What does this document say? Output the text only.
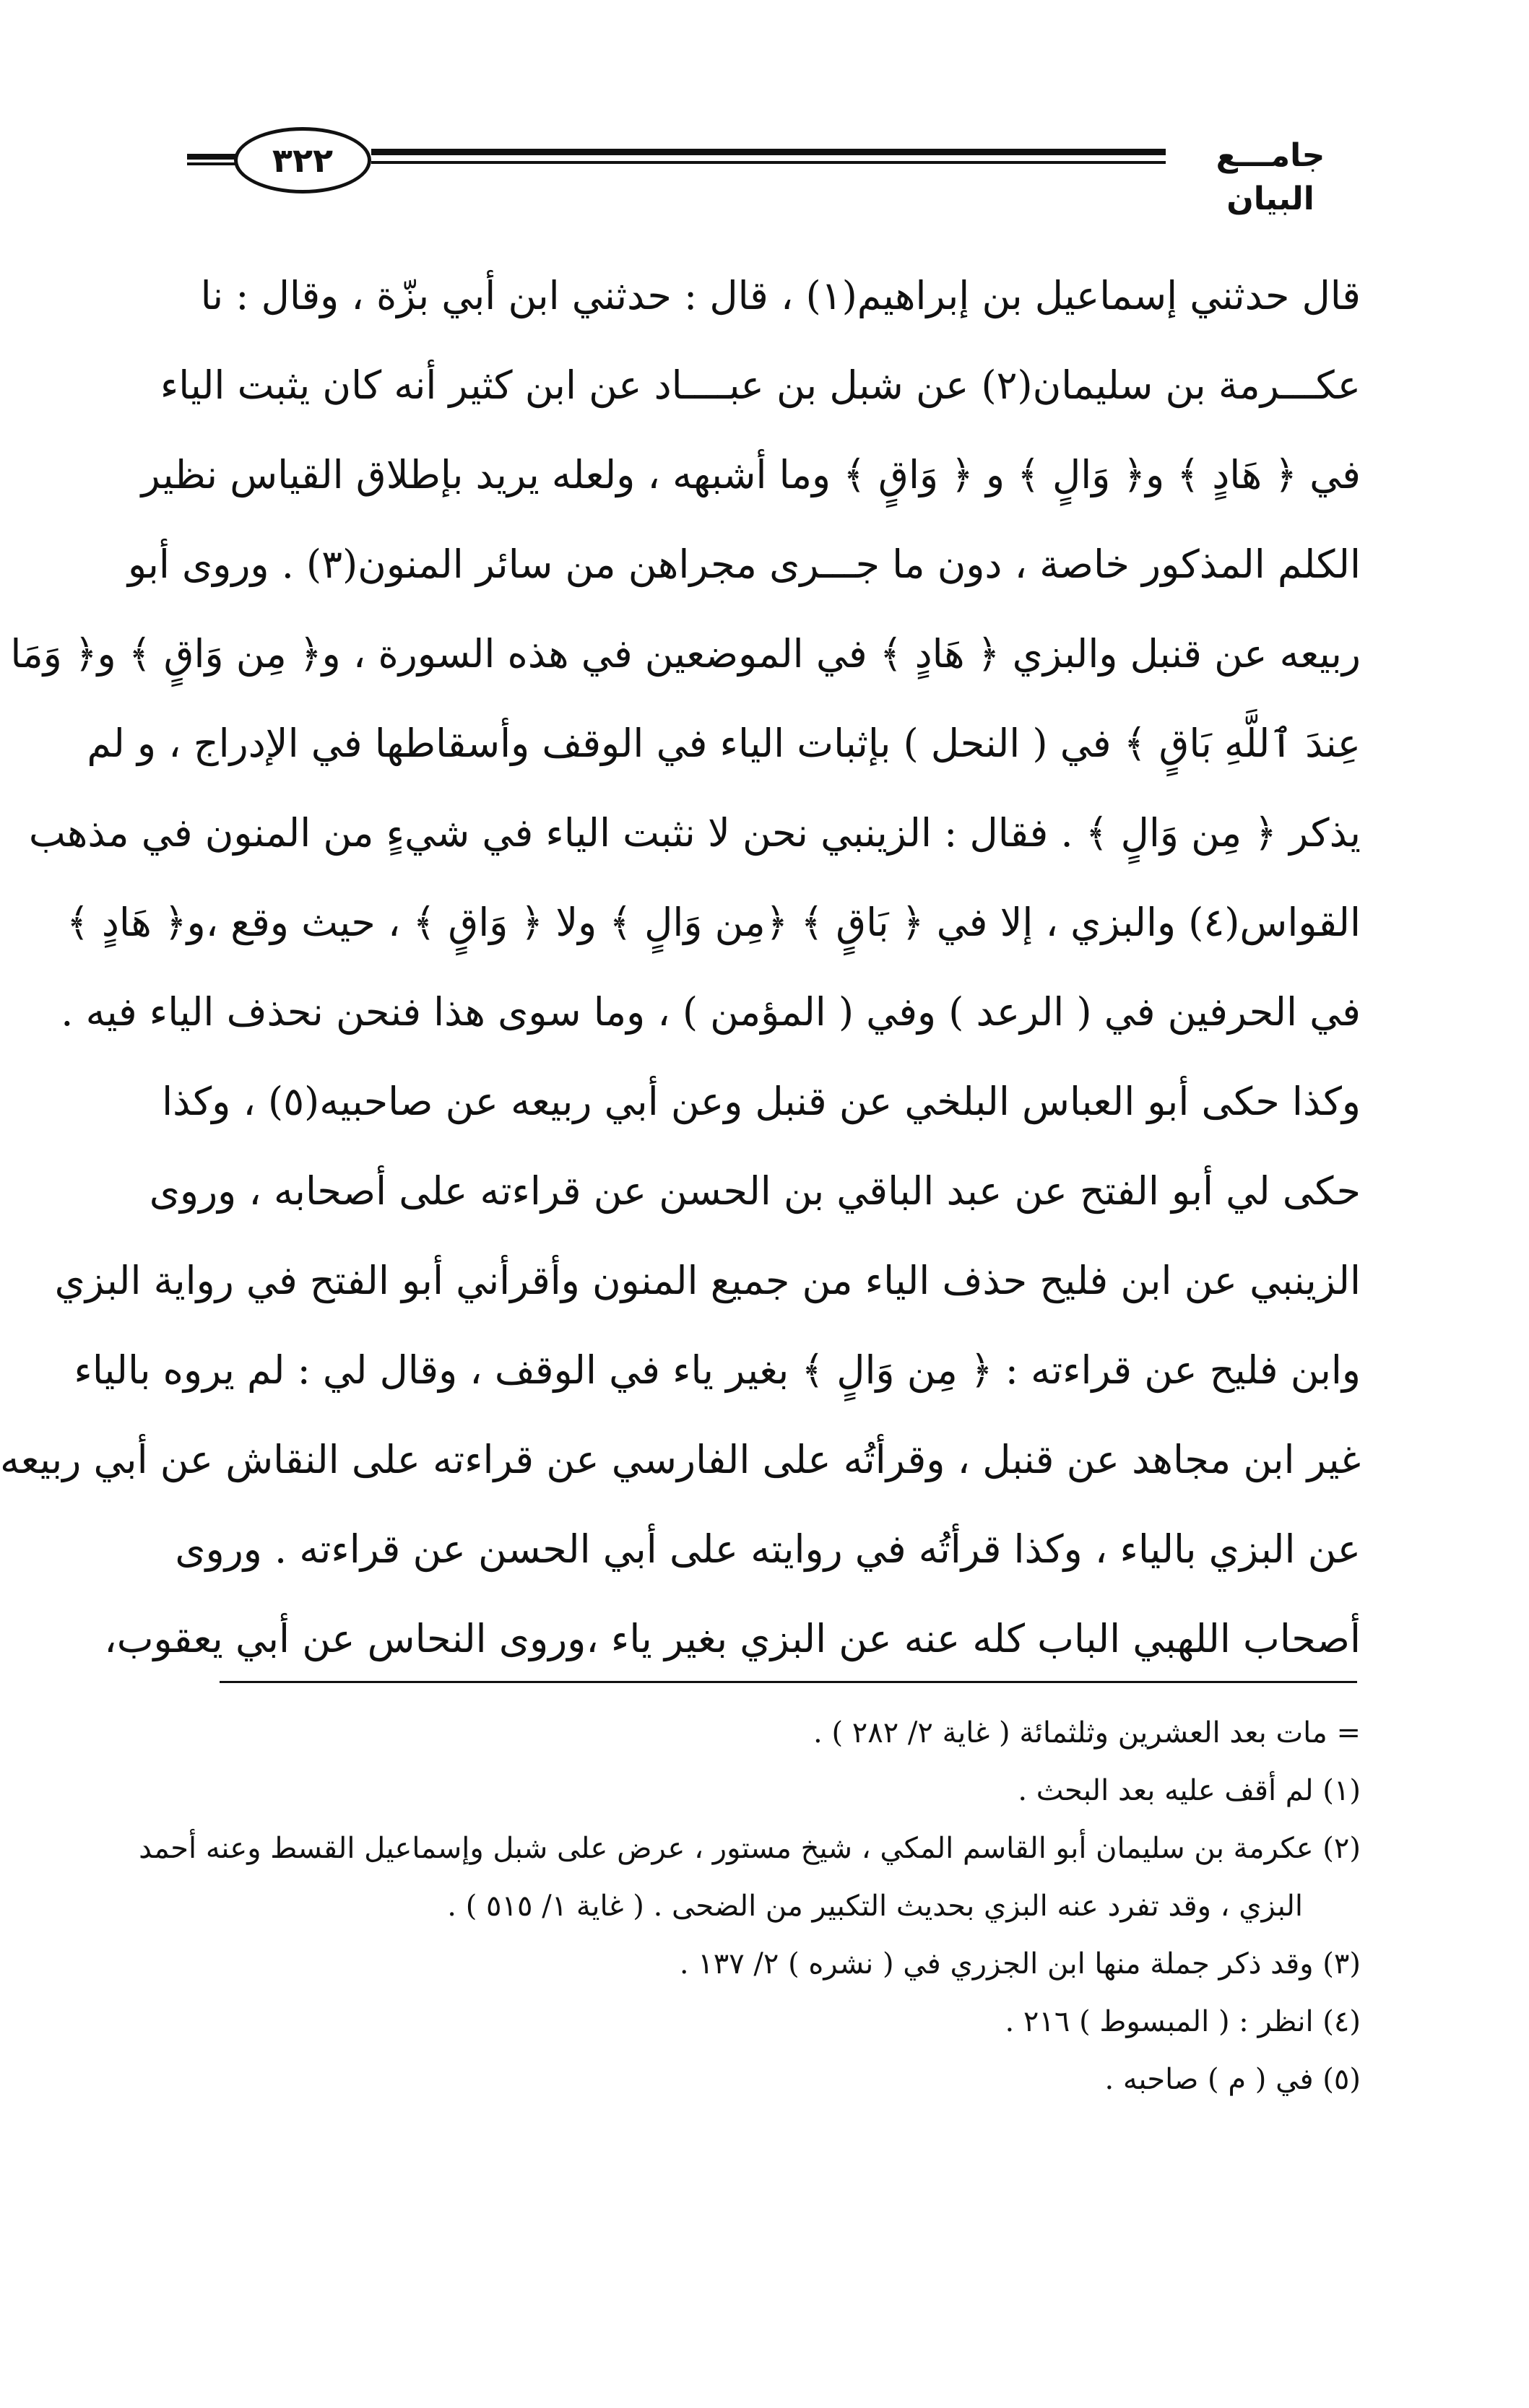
جامـــع البيان
٣٢٢
قال حدثني إسماعيل بن إبراهيم(١) ، قال : حدثني ابن أبي بزّة ، وقال : نا
عكـــرمة بن سليمان(٢) عن شبل بن عبــــاد عن ابن كثير أنه كان يثبت الياء
في ﴿ هَادٍ ﴾ و﴿ وَالٍ ﴾ و ﴿ وَاقٍ ﴾ وما أشبهه ، ولعله يريد بإطلاق القياس نظير
الكلم المذكور خاصة ، دون ما جـــرى مجراهن من سائر المنون(٣) . وروى أبو
ربيعه عن قنبل والبزي ﴿ هَادٍ ﴾ في الموضعين في هذه السورة ، و﴿ مِن وَاقٍ ﴾ و﴿ وَمَا
عِندَ ٱللَّهِ بَاقٍ ﴾ في ( النحل ) بإثبات الياء في الوقف وأسقاطها في الإدراج ، و لم
يذكر ﴿ مِن وَالٍ ﴾ . فقال : الزينبي نحن لا نثبت الياء في شيءٍ من المنون في مذهب
القواس(٤) والبزي ، إلا في ﴿ بَاقٍ ﴾ ﴿مِن وَالٍ ﴾ ولا ﴿ وَاقٍ ﴾ ، حيث وقع ،و﴿ هَادٍ ﴾
في الحرفين في ( الرعد ) وفي ( المؤمن ) ، وما سوى هذا فنحن نحذف الياء فيه .
وكذا حكى أبو العباس البلخي عن قنبل وعن أبي ربيعه عن صاحبيه(٥) ، وكذا
حكى لي أبو الفتح عن عبد الباقي بن الحسن عن قراءته على أصحابه ، وروى
الزينبي عن ابن فليح حذف الياء من جميع المنون وأقرأني أبو الفتح في رواية البزي
وابن فليح عن قراءته : ﴿ مِن وَالٍ ﴾ بغير ياء في الوقف ، وقال لي : لم يروه بالياء
غير ابن مجاهد عن قنبل ، وقرأتُه على الفارسي عن قراءته على النقاش عن أبي ربيعه
عن البزي بالياء ، وكذا قرأتُه في روايته على أبي الحسن عن قراءته . وروى
أصحاب اللهبي الباب كله عنه عن البزي بغير ياء ،وروى النحاس عن أبي يعقوب،
= مات بعد العشرين وثلثمائة ( غاية ٢/ ٢٨٢ ) .
(١) لم أقف عليه بعد البحث .
(٢) عكرمة بن سليمان أبو القاسم المكي ، شيخ مستور ، عرض على شبل وإسماعيل القسط وعنه أحمد
البزي ، وقد تفرد عنه البزي بحديث التكبير من الضحى . ( غاية ١/ ٥١٥ ) .
(٣) وقد ذكر جملة منها ابن الجزري في ( نشره ) ٢/ ١٣٧ .
(٤) انظر : ( المبسوط ) ٢١٦ .
(٥) في ( م ) صاحبه .
